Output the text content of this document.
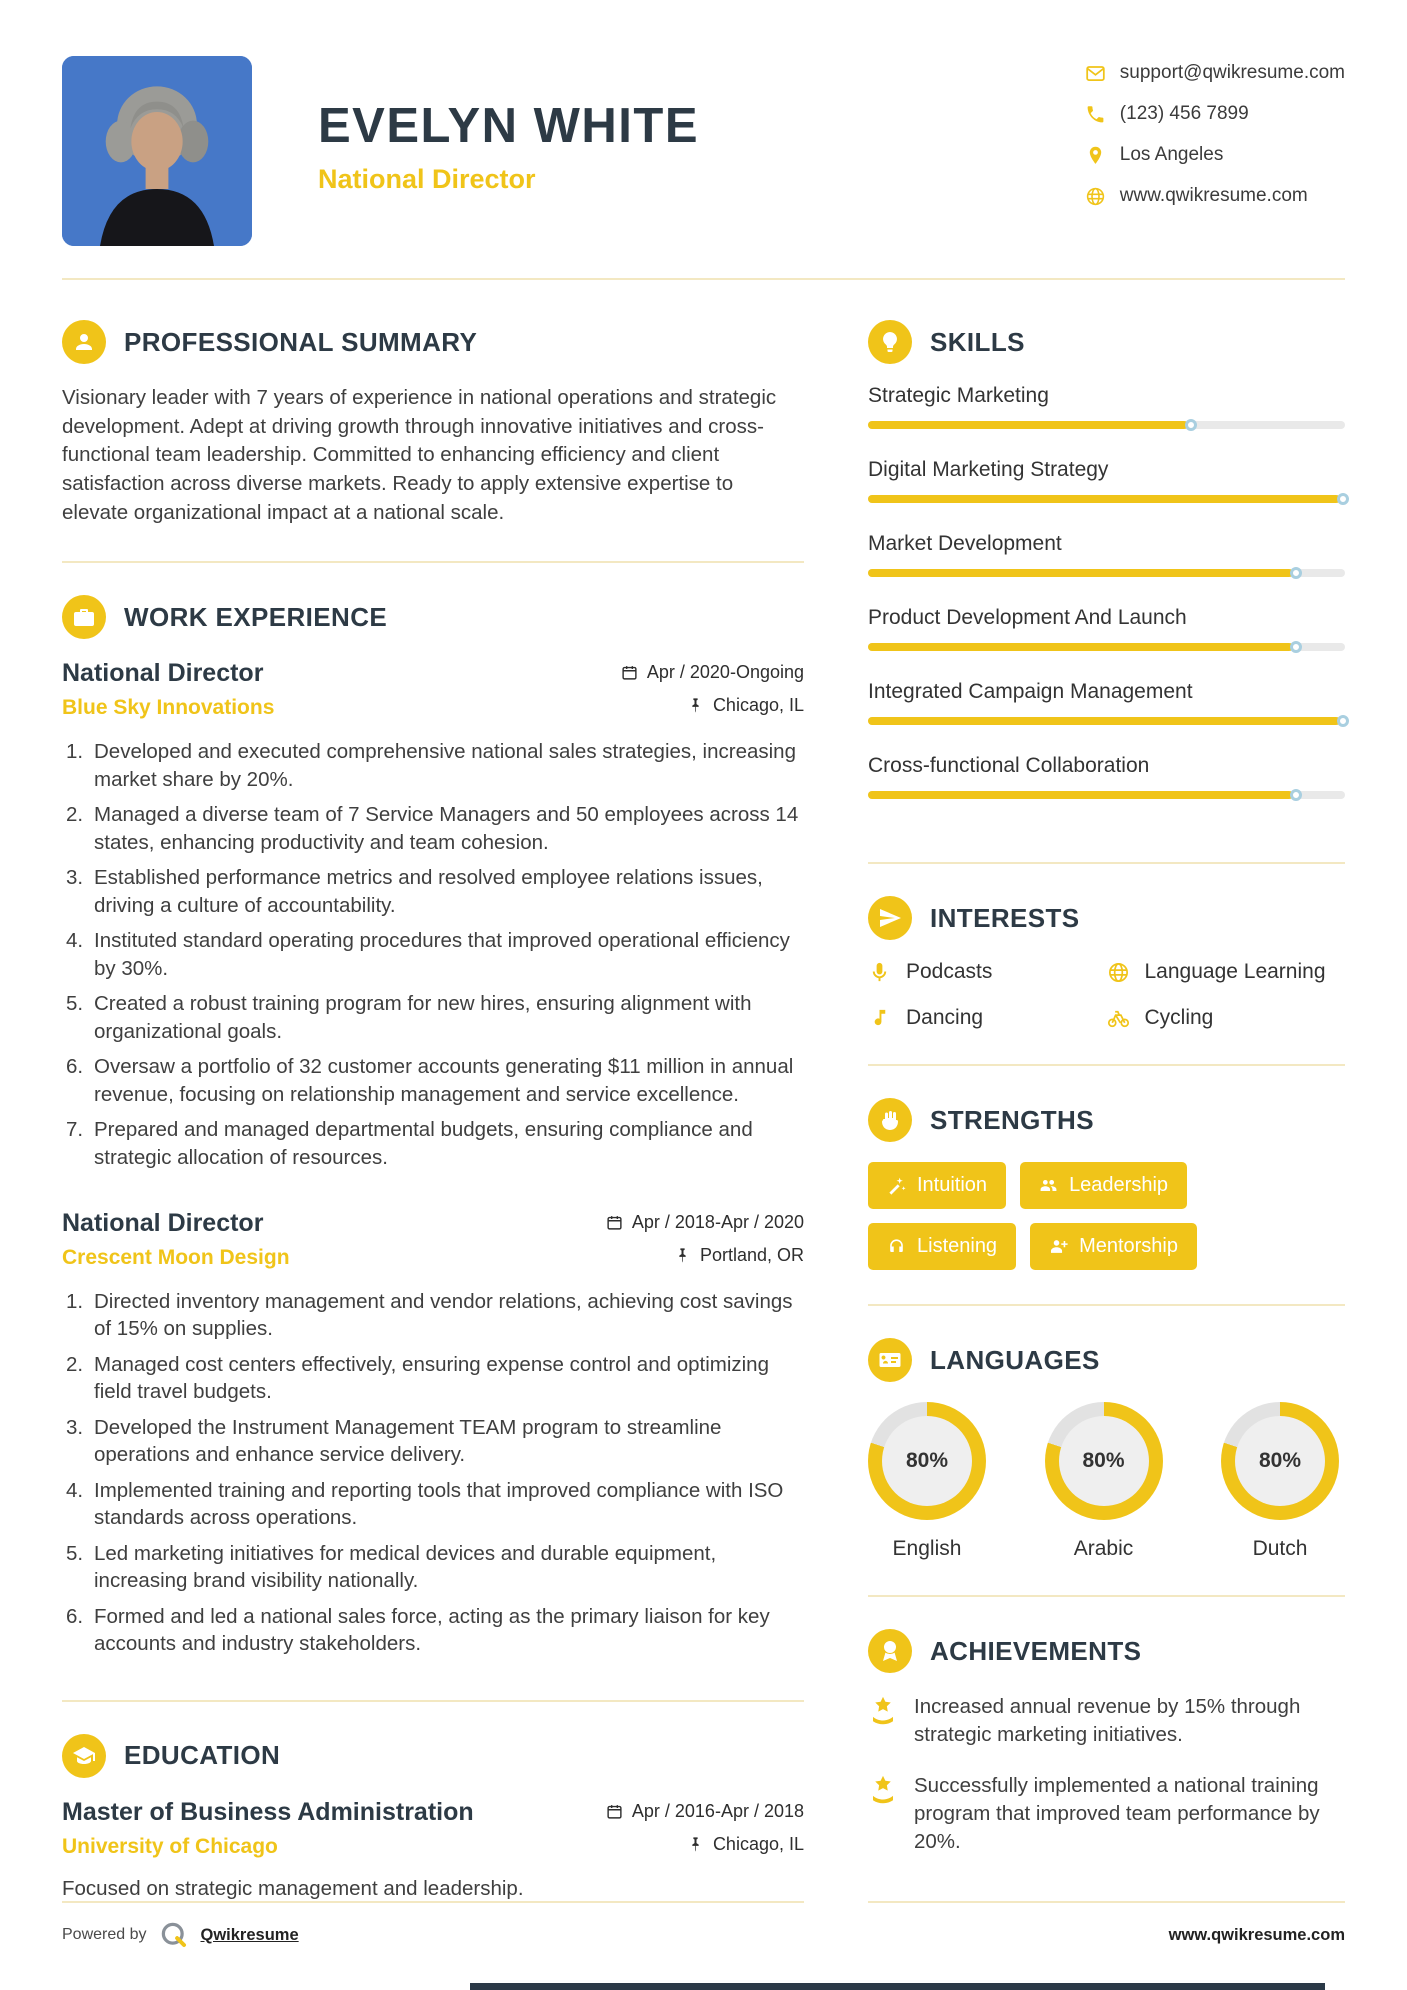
EVELYN WHITE
National Director
support@qwikresume.com
(123) 456 7899
Los Angeles
www.qwikresume.com
PROFESSIONAL SUMMARY

Visionary leader with 7 years of experience in national operations and strategic development. Adept at driving growth through innovative initiatives and cross-functional team leadership. Committed to enhancing efficiency and client satisfaction across diverse markets. Ready to apply extensive expertise to elevate organizational impact at a national scale.

WORK EXPERIENCE
National Director	Apr / 2020-Ongoing
Blue Sky Innovations	Chicago, IL
Developed and executed comprehensive national sales strategies, increasing market share by 20%.
Managed a diverse team of 7 Service Managers and 50 employees across 14 states, enhancing productivity and team cohesion.
Established performance metrics and resolved employee relations issues, driving a culture of accountability.
Instituted standard operating procedures that improved operational efficiency by 30%.
Created a robust training program for new hires, ensuring alignment with organizational goals.
Oversaw a portfolio of 32 customer accounts generating $11 million in annual revenue, focusing on relationship management and service excellence.
Prepared and managed departmental budgets, ensuring compliance and strategic allocation of resources.
National Director	Apr / 2018-Apr / 2020
Crescent Moon Design	Portland, OR
Directed inventory management and vendor relations, achieving cost savings of 15% on supplies.
Managed cost centers effectively, ensuring expense control and optimizing field travel budgets.
Developed the Instrument Management TEAM program to streamline operations and enhance service delivery.
Implemented training and reporting tools that improved compliance with ISO standards across operations.
Led marketing initiatives for medical devices and durable equipment, increasing brand visibility nationally.
Formed and led a national sales force, acting as the primary liaison for key accounts and industry stakeholders.
EDUCATION
Master of Business Administration	Apr / 2016-Apr / 2018
University of Chicago	Chicago, IL

Focused on strategic management and leadership.

SKILLS
Strategic Marketing
Digital Marketing Strategy
Market Development
Product Development And Launch
Integrated Campaign Management
Cross-functional Collaboration
INTERESTS
Podcasts	Language Learning
Dancing	Cycling
STRENGTHS
Intuition	Leadership
Listening	Mentorship
LANGUAGES
80%
English
80%
Arabic
80%
Dutch
ACHIEVEMENTS

Increased annual revenue by 15% through strategic marketing initiatives.

Successfully implemented a national training program that improved team performance by 20%.

Powered by	Qwikresume	www.qwikresume.com
